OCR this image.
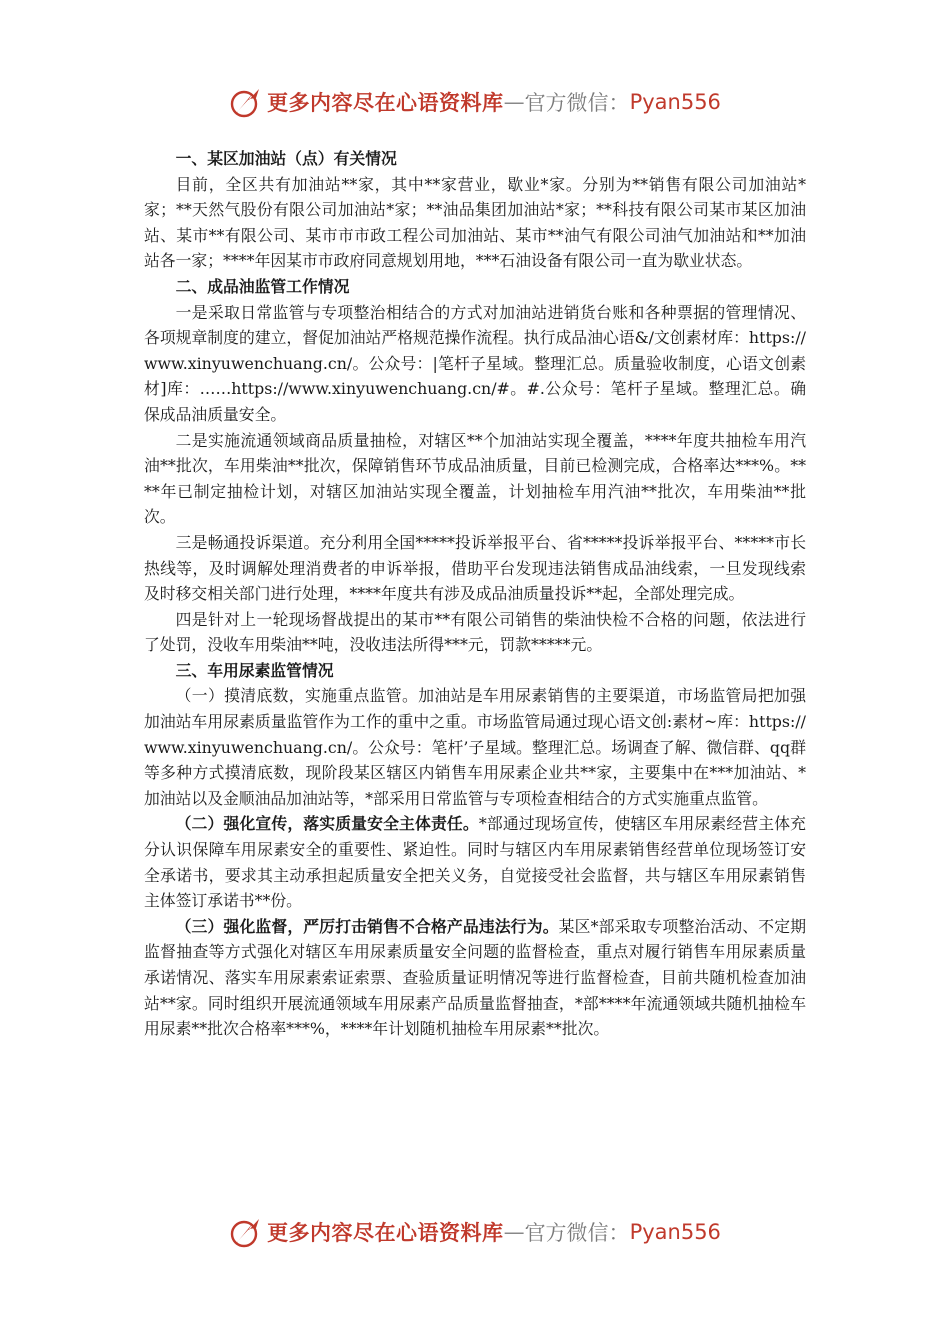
更多内容尽在心语资料库 — 官方微信： Pyan556

一、某区加油站（点）有关情况

目前，全区共有加油站**家，其中**家营业，歇业*家。分别为**销售有限公司加油站*家；**天然气股份有限公司加油站*家；**油品集团加油站*家；**科技有限公司某市某区加油站、某市**有限公司、某市市市政工程公司加油站、某市**油气有限公司油气加油站和**加油站各一家；****年因某市市政府同意规划用地，***石油设备有限公司一直为歇业状态。

二、成品油监管工作情况

一是采取日常监管与专项整治相结合的方式对加油站进销货台账和各种票据的管理情况、各项规章制度的建立，督促加油站严格规范操作流程。执行成品油心语&/文创素材库：https://www.xinyuwenchuang.cn/。公众号：|笔杆子星域。整理汇总。质量验收制度，心语文创素材]库：……https://www.xinyuwenchuang.cn/#。#.公众号：笔杆子星域。整理汇总。确保成品油质量安全。

二是实施流通领域商品质量抽检，对辖区**个加油站实现全覆盖，****年度共抽检车用汽油**批次，车用柴油**批次，保障销售环节成品油质量，目前已检测完成，合格率达***%。****年已制定抽检计划，对辖区加油站实现全覆盖，计划抽检车用汽油**批次，车用柴油**批次。

三是畅通投诉渠道。充分利用全国*****投诉举报平台、省*****投诉举报平台、*****市长热线等，及时调解处理消费者的申诉举报，借助平台发现违法销售成品油线索，一旦发现线索及时移交相关部门进行处理，****年度共有涉及成品油质量投诉**起，全部处理完成。

四是针对上一轮现场督战提出的某市**有限公司销售的柴油快检不合格的问题，依法进行了处罚，没收车用柴油**吨，没收违法所得***元，罚款*****元。

三、车用尿素监管情况

（一）摸清底数，实施重点监管。加油站是车用尿素销售的主要渠道，市场监管局把加强加油站车用尿素质量监管作为工作的重中之重。市场监管局通过现心语文创:素材~库：https://www.xinyuwenchuang.cn/。公众号：笔杆’子星域。整理汇总。场调查了解、微信群、qq群等多种方式摸清底数，现阶段某区辖区内销售车用尿素企业共**家，主要集中在***加油站、*加油站以及金顺油品加油站等，*部采用日常监管与专项检查相结合的方式实施重点监管。

（二）强化宣传，落实质量安全主体责任。*部通过现场宣传，使辖区车用尿素经营主体充分认识保障车用尿素安全的重要性、紧迫性。同时与辖区内车用尿素销售经营单位现场签订安全承诺书，要求其主动承担起质量安全把关义务，自觉接受社会监督，共与辖区车用尿素销售主体签订承诺书**份。

（三）强化监督，严厉打击销售不合格产品违法行为。某区*部采取专项整治活动、不定期监督抽查等方式强化对辖区车用尿素质量安全问题的监督检查，重点对履行销售车用尿素质量承诺情况、落实车用尿素索证索票、查验质量证明情况等进行监督检查，目前共随机检查加油站**家。同时组织开展流通领域车用尿素产品质量监督抽查，*部****年流通领域共随机抽检车用尿素**批次合格率***%，****年计划随机抽检车用尿素**批次。

更多内容尽在心语资料库 — 官方微信： Pyan556
